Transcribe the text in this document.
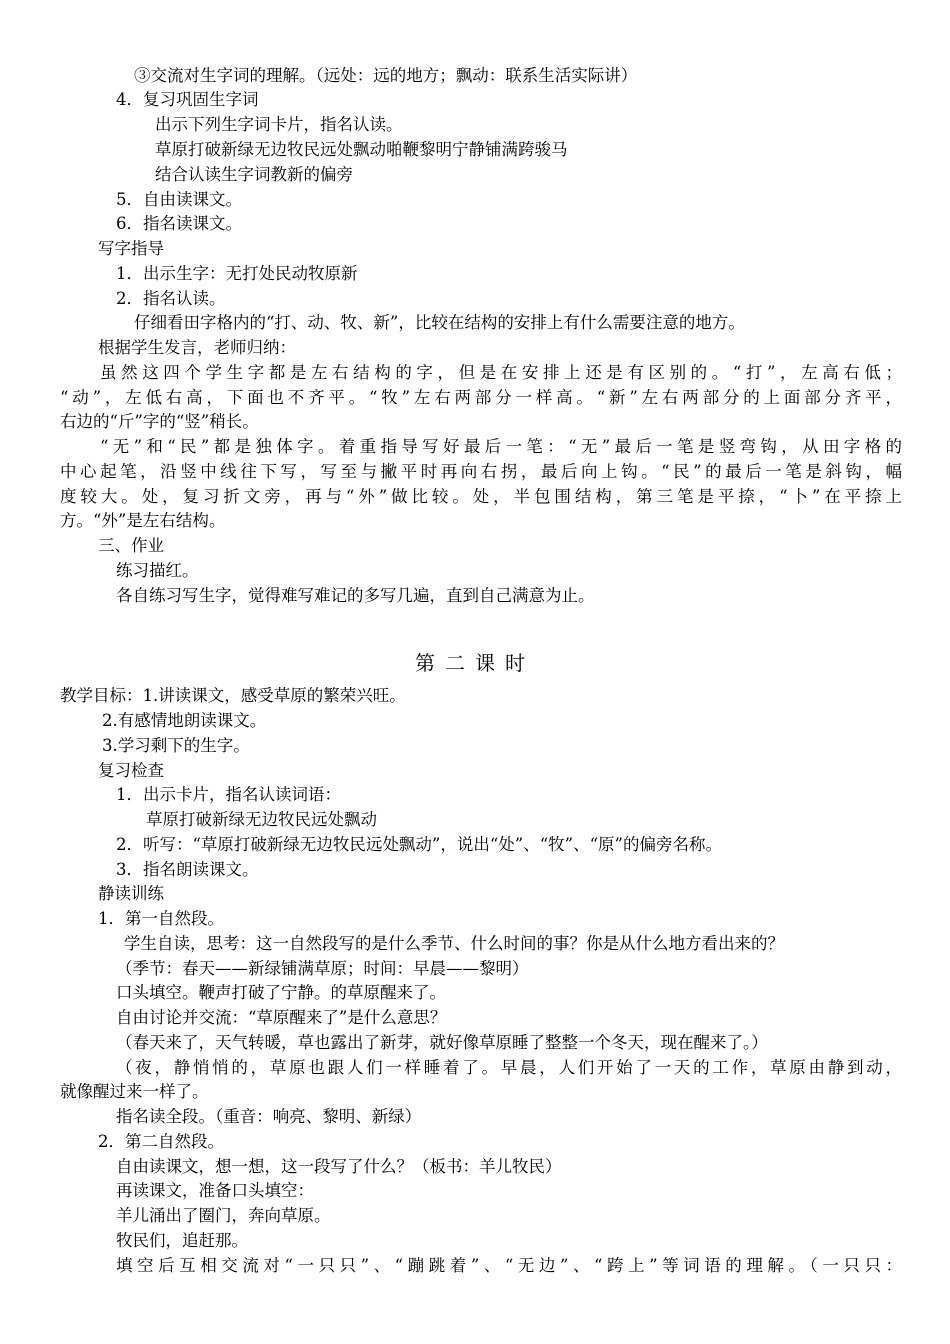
③交流对生字词的理解。（远处：远的地方；飘动：联系生活实际讲）
4．复习巩固生字词
出示下列生字词卡片，指名认读。
草原打破新绿无边牧民远处飘动啪鞭黎明宁静铺满跨骏马
结合认读生字词教新的偏旁
5．自由读课文。
6．指名读课文。
写字指导
1．出示生字：无打处民动牧原新
2．指名认读。
仔细看田字格内的“打、动、牧、新”，比较在结构的安排上有什么需要注意的地方。
根据学生发言，老师归纳：
虽然这四个学生字都是左右结构的字，但是在安排上还是有区别的。“打”，左高右低；
“动”，左低右高，下面也不齐平。“牧”左右两部分一样高。“新”左右两部分的上面部分齐平，
右边的“斤”字的“竖”稍长。
“无”和“民”都是独体字。着重指导写好最后一笔：“无”最后一笔是竖弯钩，从田字格的
中心起笔，沿竖中线往下写，写至与撇平时再向右拐，最后向上钩。“民”的最后一笔是斜钩，幅
度较大。处，复习折文旁，再与“外”做比较。处，半包围结构，第三笔是平捺，“卜”在平捺上
方。“外”是左右结构。
三、作业
练习描红。
各自练习写生字，觉得难写难记的多写几遍，直到自己满意为止。
第二课时
教学目标：1.讲读课文，感受草原的繁荣兴旺。
2.有感情地朗读课文。
3.学习剩下的生字。
复习检查
1．出示卡片，指名认读词语：
草原打破新绿无边牧民远处飘动
2．听写：“草原打破新绿无边牧民远处飘动”，说出“处”、“牧”、“原”的偏旁名称。
3．指名朗读课文。
静读训练
1．第一自然段。
学生自读，思考：这一自然段写的是什么季节、什么时间的事？你是从什么地方看出来的？
（季节：春天——新绿铺满草原；时间：早晨——黎明）
口头填空。鞭声打破了宁静。的草原醒来了。
自由讨论并交流：“草原醒来了”是什么意思？
（春天来了，天气转暖，草也露出了新芽，就好像草原睡了整整一个冬天，现在醒来了。）
（夜，静悄悄的，草原也跟人们一样睡着了。早晨，人们开始了一天的工作，草原由静到动，
就像醒过来一样了。
指名读全段。（重音：响亮、黎明、新绿）
2．第二自然段。
自由读课文，想一想，这一段写了什么？（板书：羊儿牧民）
再读课文，准备口头填空：
羊儿涌出了圈门，奔向草原。
牧民们，追赶那。
填空后互相交流对“一只只”、“蹦跳着”、“无边”、“跨上”等词语的理解。（一只只：
